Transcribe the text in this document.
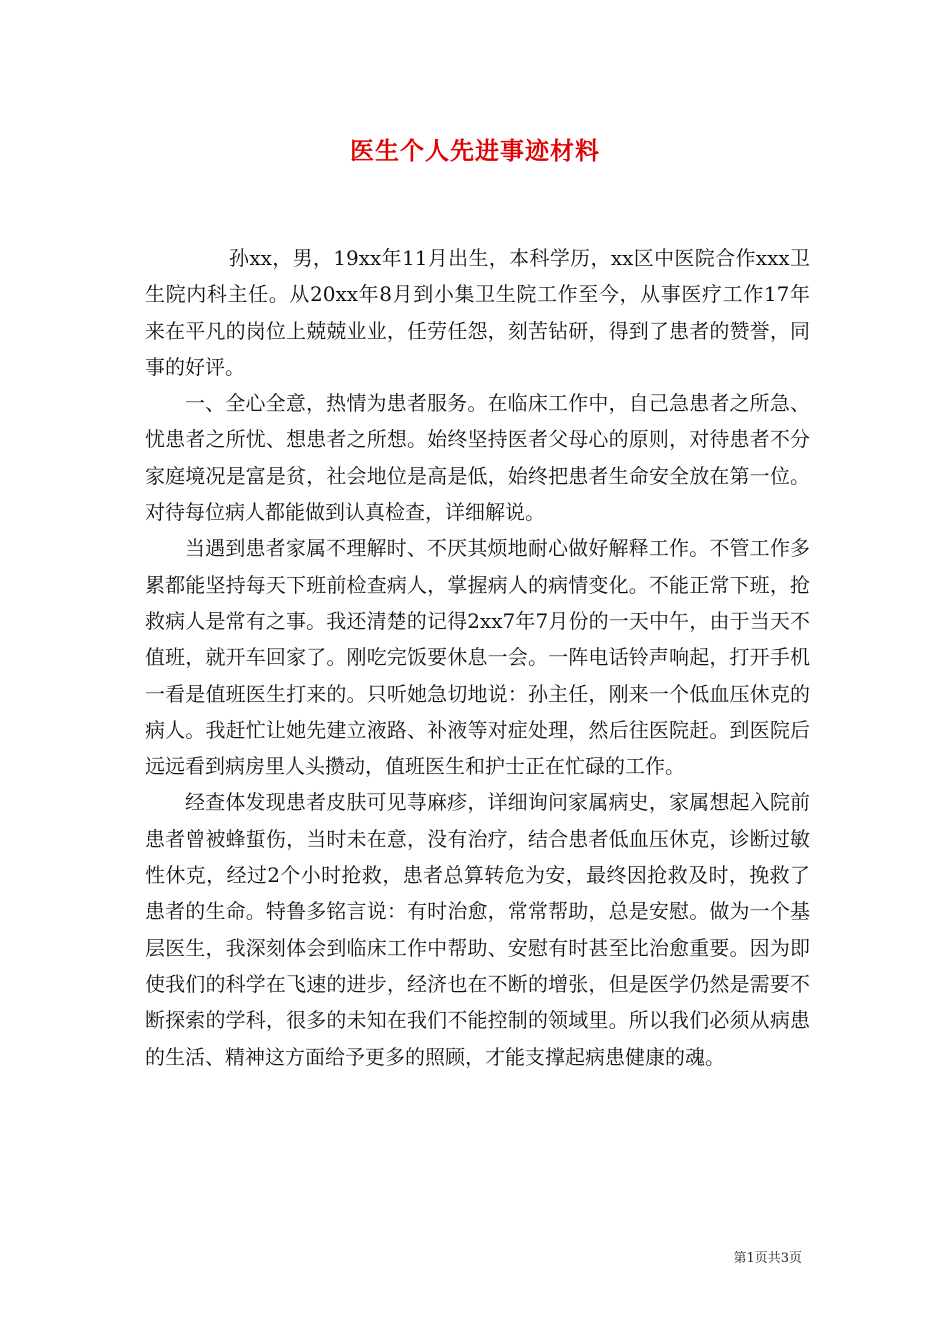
医生个人先进事迹材料

孙xx，男，19xx年11月出生，本科学历，xx区中医院合作xxx卫生院内科主任。从20xx年8月到小集卫生院工作至今，从事医疗工作17年来在平凡的岗位上兢兢业业，任劳任怨，刻苦钻研，得到了患者的赞誉，同事的好评。

一、全心全意，热情为患者服务。在临床工作中，自己急患者之所急、忧患者之所忧、想患者之所想。始终坚持医者父母心的原则，对待患者不分家庭境况是富是贫，社会地位是高是低，始终把患者生命安全放在第一位。对待每位病人都能做到认真检查，详细解说。

当遇到患者家属不理解时、不厌其烦地耐心做好解释工作。不管工作多累都能坚持每天下班前检查病人，掌握病人的病情变化。不能正常下班，抢救病人是常有之事。我还清楚的记得2xx7年7月份的一天中午，由于当天不值班，就开车回家了。刚吃完饭要休息一会。一阵电话铃声响起，打开手机一看是值班医生打来的。只听她急切地说：孙主任，刚来一个低血压休克的病人。我赶忙让她先建立液路、补液等对症处理，然后往医院赶。到医院后远远看到病房里人头攒动，值班医生和护士正在忙碌的工作。

经查体发现患者皮肤可见荨麻疹，详细询问家属病史，家属想起入院前患者曾被蜂蜇伤，当时未在意，没有治疗，结合患者低血压休克，诊断过敏性休克，经过2个小时抢救，患者总算转危为安，最终因抢救及时，挽救了患者的生命。特鲁多铭言说：有时治愈，常常帮助，总是安慰。做为一个基层医生，我深刻体会到临床工作中帮助、安慰有时甚至比治愈重要。因为即使我们的科学在飞速的进步，经济也在不断的增张，但是医学仍然是需要不断探索的学科，很多的未知在我们不能控制的领域里。所以我们必须从病患的生活、精神这方面给予更多的照顾，才能支撑起病患健康的魂。

第1页共3页
